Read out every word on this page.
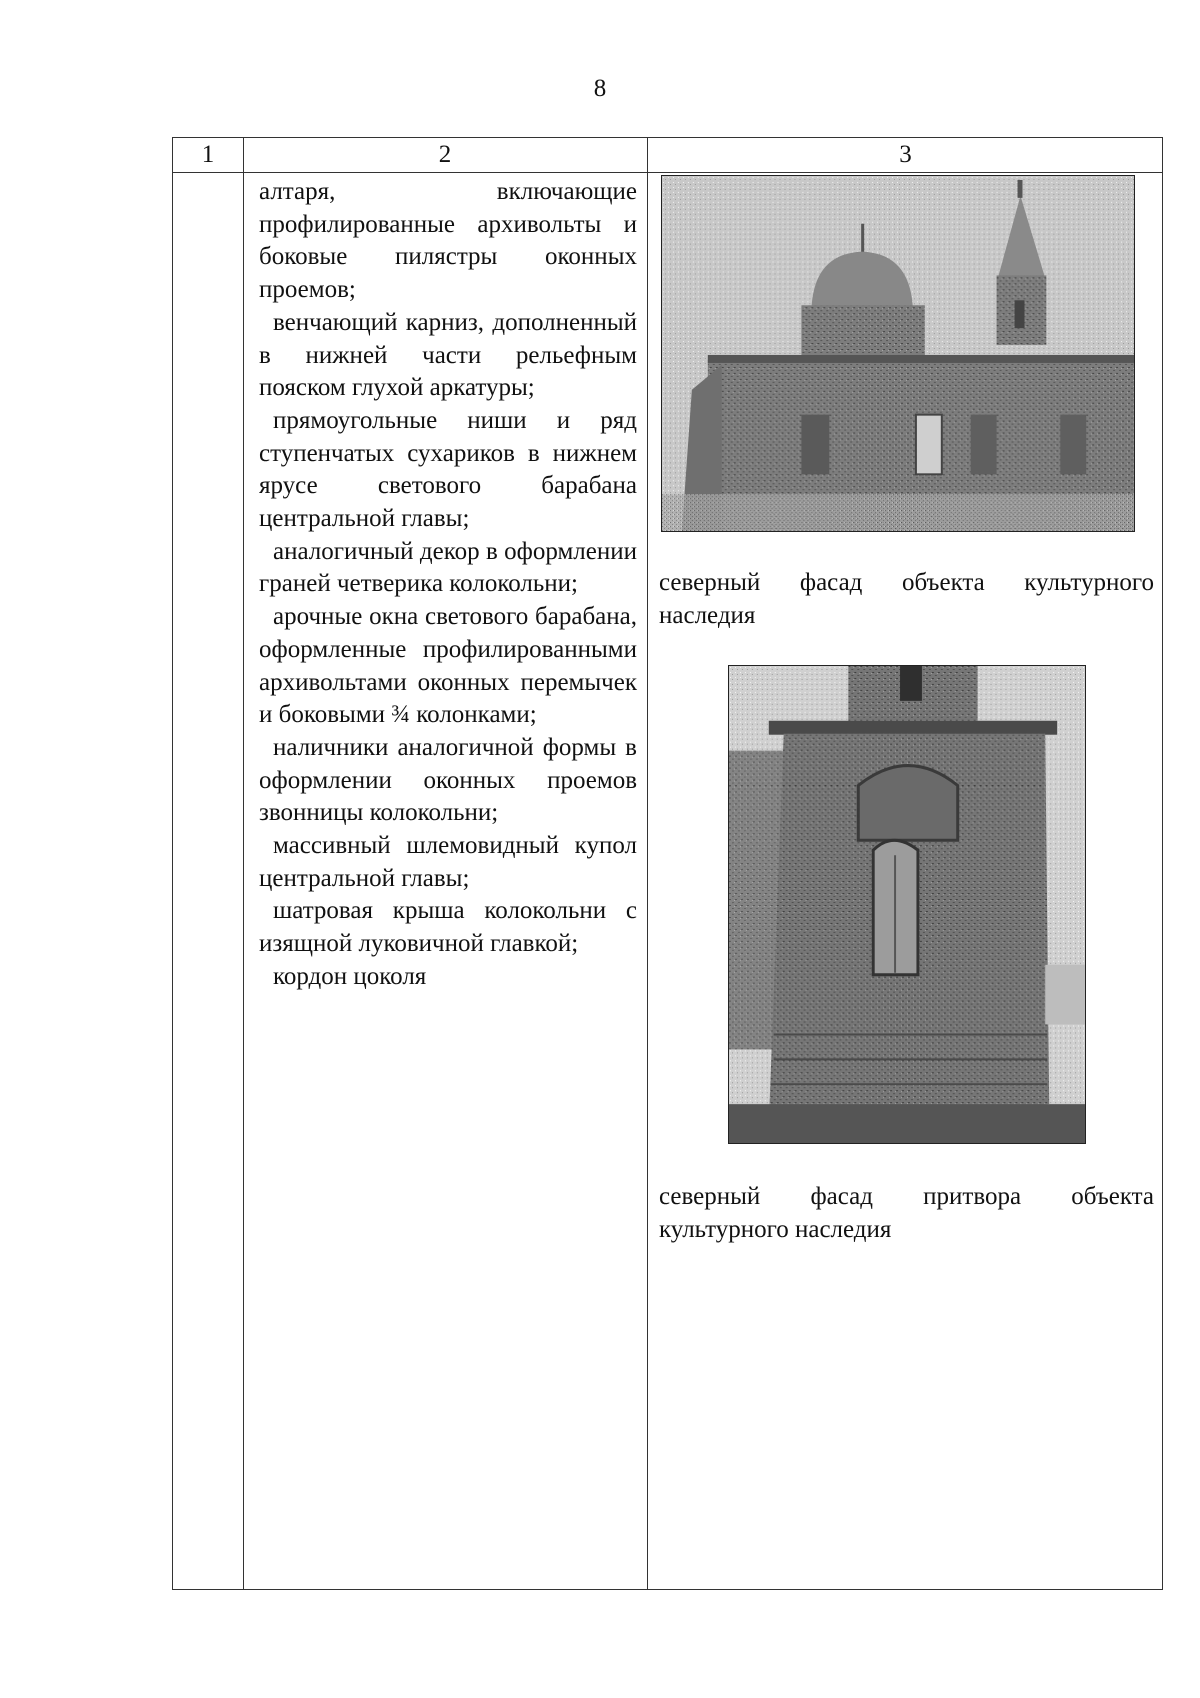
8
1	2	3

алтаря, включающие профилированные архивольты и боковые пилястры оконных проемов;

венчающий карниз, дополненный в нижней части рельефным пояском глухой аркатуры;

прямоугольные ниши и ряд ступенчатых сухариков в нижнем ярусе светового барабана центральной главы;

аналогичный декор в оформлении граней четверика колокольни;

арочные окна светового барабана, оформленные профилированными архивольтами оконных перемычек и боковыми ¾ колонками;

наличники аналогичной формы в оформлении оконных проемов звонницы колокольни;

массивный шлемовидный купол центральной главы;

шатровая крыша колокольни с изящной луковичной главкой;

кордон цоколя

северный фасад объекта культурного наследия
северный фасад притвора объекта культурного наследия
